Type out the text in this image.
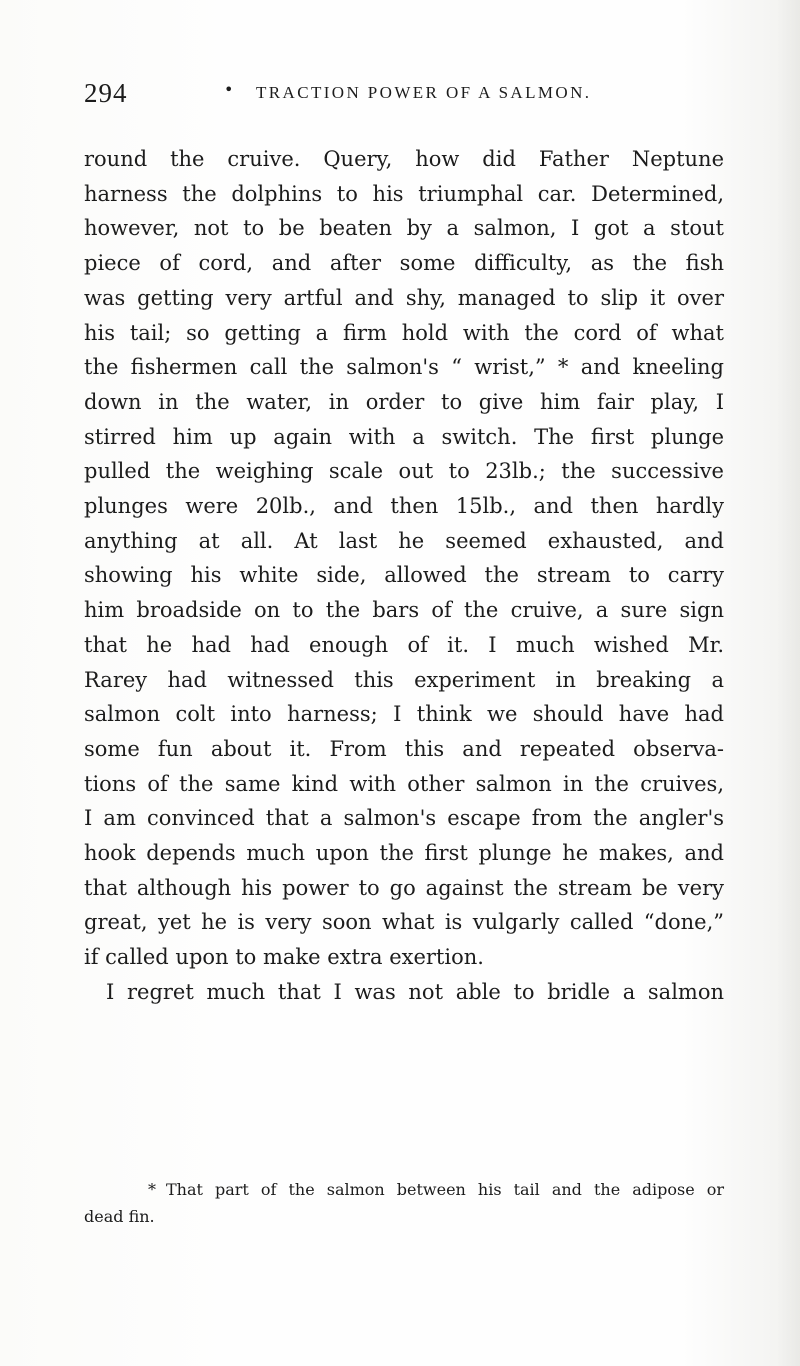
294	• TRACTION POWER OF A SALMON.
round the cruive. Query, how did Father Neptune
harness the dolphins to his triumphal car. Determined,
however, not to be beaten by a salmon, I got a stout
piece of cord, and after some difficulty, as the fish
was getting very artful and shy, managed to slip it over
his tail; so getting a firm hold with the cord of what
the fishermen call the salmon's “ wrist,” * and kneeling
down in the water, in order to give him fair play, I
stirred him up again with a switch. The first plunge
pulled the weighing scale out to 23lb.; the successive
plunges were 20lb., and then 15lb., and then hardly
anything at all. At last he seemed exhausted, and
showing his white side, allowed the stream to carry
him broadside on to the bars of the cruive, a sure sign
that he had had enough of it. I much wished Mr.
Rarey had witnessed this experiment in breaking a
salmon colt into harness; I think we should have had
some fun about it. From this and repeated observa-
tions of the same kind with other salmon in the cruives,
I am convinced that a salmon's escape from the angler's
hook depends much upon the first plunge he makes, and
that although his power to go against the stream be very
great, yet he is very soon what is vulgarly called “done,”
if called upon to make extra exertion.
I regret much that I was not able to bridle a salmon
* That part of the salmon between his tail and the adipose or
dead fin.
